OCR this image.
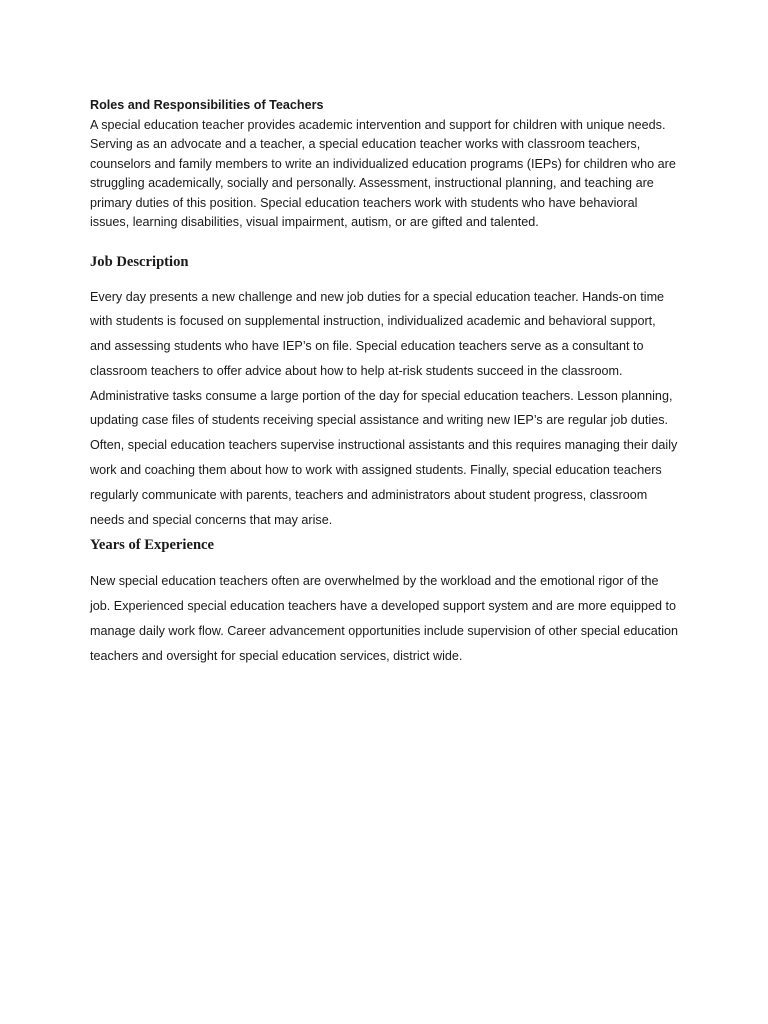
Roles and Responsibilities of Teachers

A special education teacher provides academic intervention and support for children with unique needs. Serving as an advocate and a teacher, a special education teacher works with classroom teachers, counselors and family members to write an individualized education programs (IEPs) for children who are struggling academically, socially and personally. Assessment, instructional planning, and teaching are primary duties of this position. Special education teachers work with students who have behavioral issues, learning disabilities, visual impairment, autism, or are gifted and talented.

Job Description

Every day presents a new challenge and new job duties for a special education teacher. Hands-on time with students is focused on supplemental instruction, individualized academic and behavioral support, and assessing students who have IEP’s on file. Special education teachers serve as a consultant to classroom teachers to offer advice about how to help at-risk students succeed in the classroom. Administrative tasks consume a large portion of the day for special education teachers. Lesson planning, updating case files of students receiving special assistance and writing new IEP’s are regular job duties. Often, special education teachers supervise instructional assistants and this requires managing their daily work and coaching them about how to work with assigned students. Finally, special education teachers regularly communicate with parents, teachers and administrators about student progress, classroom needs and special concerns that may arise.

Years of Experience

New special education teachers often are overwhelmed by the workload and the emotional rigor of the job. Experienced special education teachers have a developed support system and are more equipped to manage daily work flow. Career advancement opportunities include supervision of other special education teachers and oversight for special education services, district wide.
